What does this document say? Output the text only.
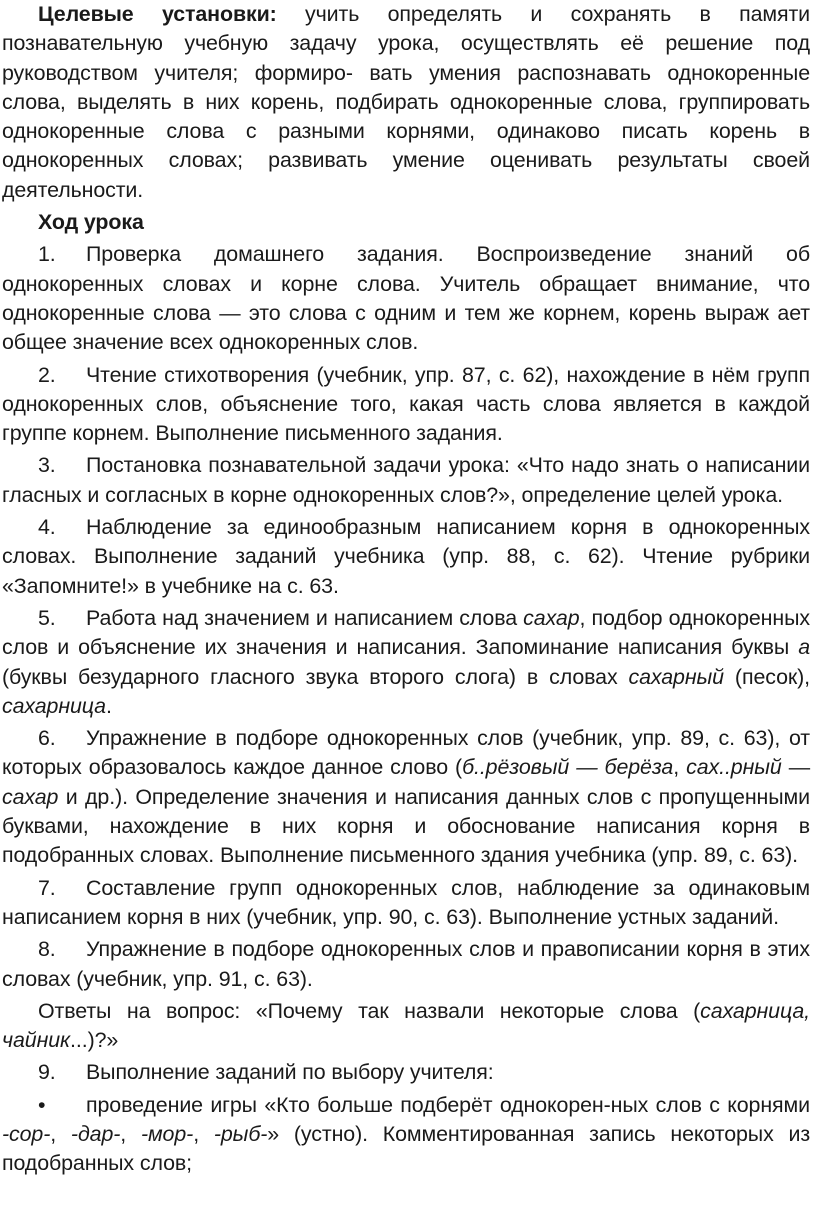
Целевые установки: учить определять и сохранять в памяти познавательную учебную задачу урока, осуществлять её решение под руководством учителя; формиро- вать умения распознавать однокоренные слова, выделять в них корень, подбирать однокоренные слова, группировать однокоренные слова с разными корнями, одинаково писать корень в однокоренных словах; развивать умение оценивать результаты своей деятельности.

Ход урока

1. Проверка домашнего задания. Воспроизведение знаний об однокоренных словах и корне слова. Учитель обращает внимание, что однокоренные слова — это слова с одним и тем же корнем, корень выраж ает общее значение всех однокоренных слов.

2. Чтение стихотворения (учебник, упр. 87, с. 62), нахождение в нём групп однокоренных слов, объяснение того, какая часть слова является в каждой группе корнем. Выполнение письменного задания.

3. Постановка познавательной задачи урока: «Что надо знать о написании гласных и согласных в корне однокоренных слов?», определение целей урока.

4. Наблюдение за единообразным написанием корня в однокоренных словах. Выполнение заданий учебника (упр. 88, с. 62). Чтение рубрики «Запомните!» в учебнике на с. 63.

5. Работа над значением и написанием слова сахар, подбор однокоренных слов и объяснение их значения и написания. Запоминание написания буквы а (буквы безударного гласного звука второго слога) в словах сахарный (песок), сахарница.

6. Упражнение в подборе однокоренных слов (учебник, упр. 89, с. 63), от которых образовалось каждое данное слово (б..рёзовый — берёза, сах..рный — сахар и др.). Определение значения и написания данных слов с пропущенными буквами, нахождение в них корня и обоснование написания корня в подобранных словах. Выполнение письменного здания учебника (упр. 89, с. 63).

7. Составление групп однокоренных слов, наблюдение за одинаковым написанием корня в них (учебник, упр. 90, с. 63). Выполнение устных заданий.

8. Упражнение в подборе однокоренных слов и правописании корня в этих словах (учебник, упр. 91, с. 63).

Ответы на вопрос: «Почему так назвали некоторые слова (сахарница, чайник...)?»

9. Выполнение заданий по выбору учителя:

• проведение игры «Кто больше подберёт однокорен-ных слов с корнями -сор-, -дар-, -мор-, -рыб-» (устно). Комментированная запись некоторых из подобранных слов;
